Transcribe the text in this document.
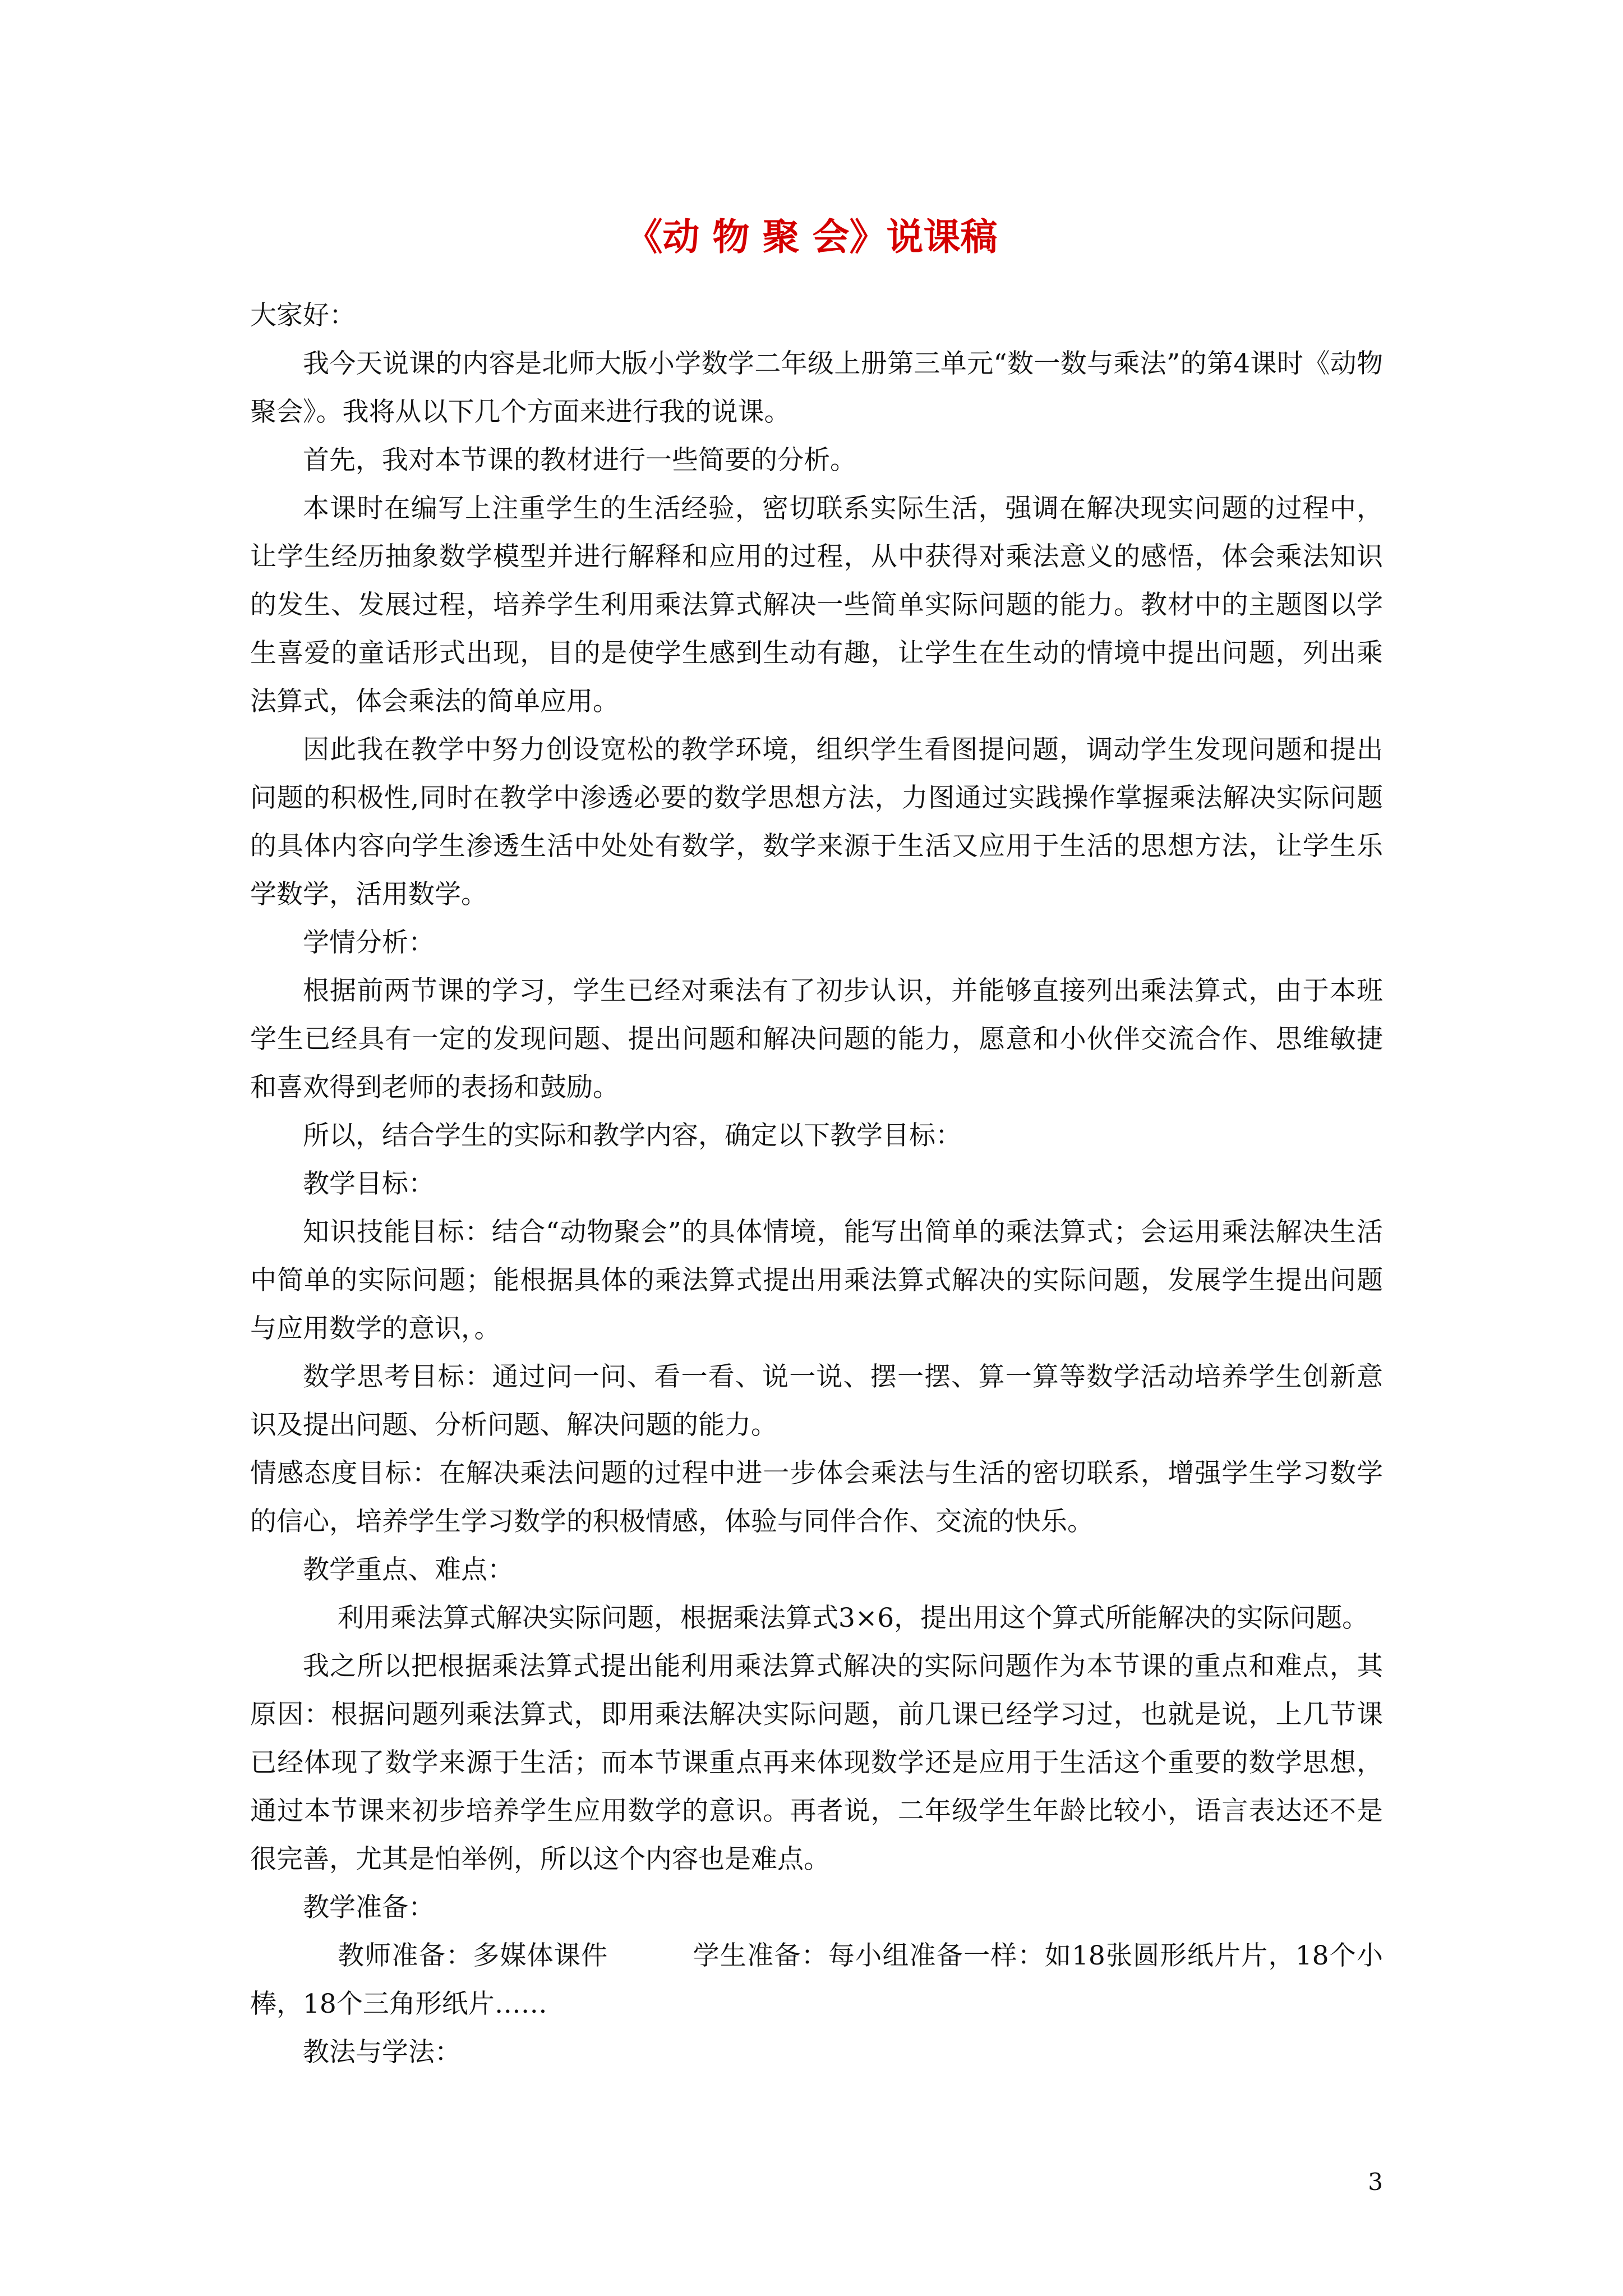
《动 物 聚 会》说课稿

大家好：

我今天说课的内容是北师大版小学数学二年级上册第三单元“数一数与乘法”的第4课时《动物聚会》。我将从以下几个方面来进行我的说课。

首先，我对本节课的教材进行一些简要的分析。

本课时在编写上注重学生的生活经验，密切联系实际生活，强调在解决现实问题的过程中，让学生经历抽象数学模型并进行解释和应用的过程，从中获得对乘法意义的感悟，体会乘法知识的发生、发展过程，培养学生利用乘法算式解决一些简单实际问题的能力。教材中的主题图以学生喜爱的童话形式出现，目的是使学生感到生动有趣，让学生在生动的情境中提出问题，列出乘法算式，体会乘法的简单应用。

因此我在教学中努力创设宽松的教学环境，组织学生看图提问题，调动学生发现问题和提出问题的积极性,同时在教学中渗透必要的数学思想方法，力图通过实践操作掌握乘法解决实际问题的具体内容向学生渗透生活中处处有数学，数学来源于生活又应用于生活的思想方法，让学生乐学数学，活用数学。

学情分析：

根据前两节课的学习，学生已经对乘法有了初步认识，并能够直接列出乘法算式，由于本班学生已经具有一定的发现问题、提出问题和解决问题的能力，愿意和小伙伴交流合作、思维敏捷和喜欢得到老师的表扬和鼓励。

所以，结合学生的实际和教学内容，确定以下教学目标：

教学目标：

知识技能目标：结合“动物聚会”的具体情境，能写出简单的乘法算式；会运用乘法解决生活中简单的实际问题；能根据具体的乘法算式提出用乘法算式解决的实际问题，发展学生提出问题与应用数学的意识，。

数学思考目标：通过问一问、看一看、说一说、摆一摆、算一算等数学活动培养学生创新意识及提出问题、分析问题、解决问题的能力。

情感态度目标：在解决乘法问题的过程中进一步体会乘法与生活的密切联系，增强学生学习数学的信心，培养学生学习数学的积极情感，体验与同伴合作、交流的快乐。

教学重点、难点：

利用乘法算式解决实际问题，根据乘法算式3×6，提出用这个算式所能解决的实际问题。

我之所以把根据乘法算式提出能利用乘法算式解决的实际问题作为本节课的重点和难点，其原因：根据问题列乘法算式，即用乘法解决实际问题，前几课已经学习过，也就是说，上几节课已经体现了数学来源于生活；而本节课重点再来体现数学还是应用于生活这个重要的数学思想，通过本节课来初步培养学生应用数学的意识。再者说，二年级学生年龄比较小，语言表达还不是很完善，尤其是怕举例，所以这个内容也是难点。

教学准备：

教师准备：多媒体课件	学生准备：每小组准备一样：如18张圆形纸片片，18个小棒，18个三角形纸片……

教法与学法：

3
